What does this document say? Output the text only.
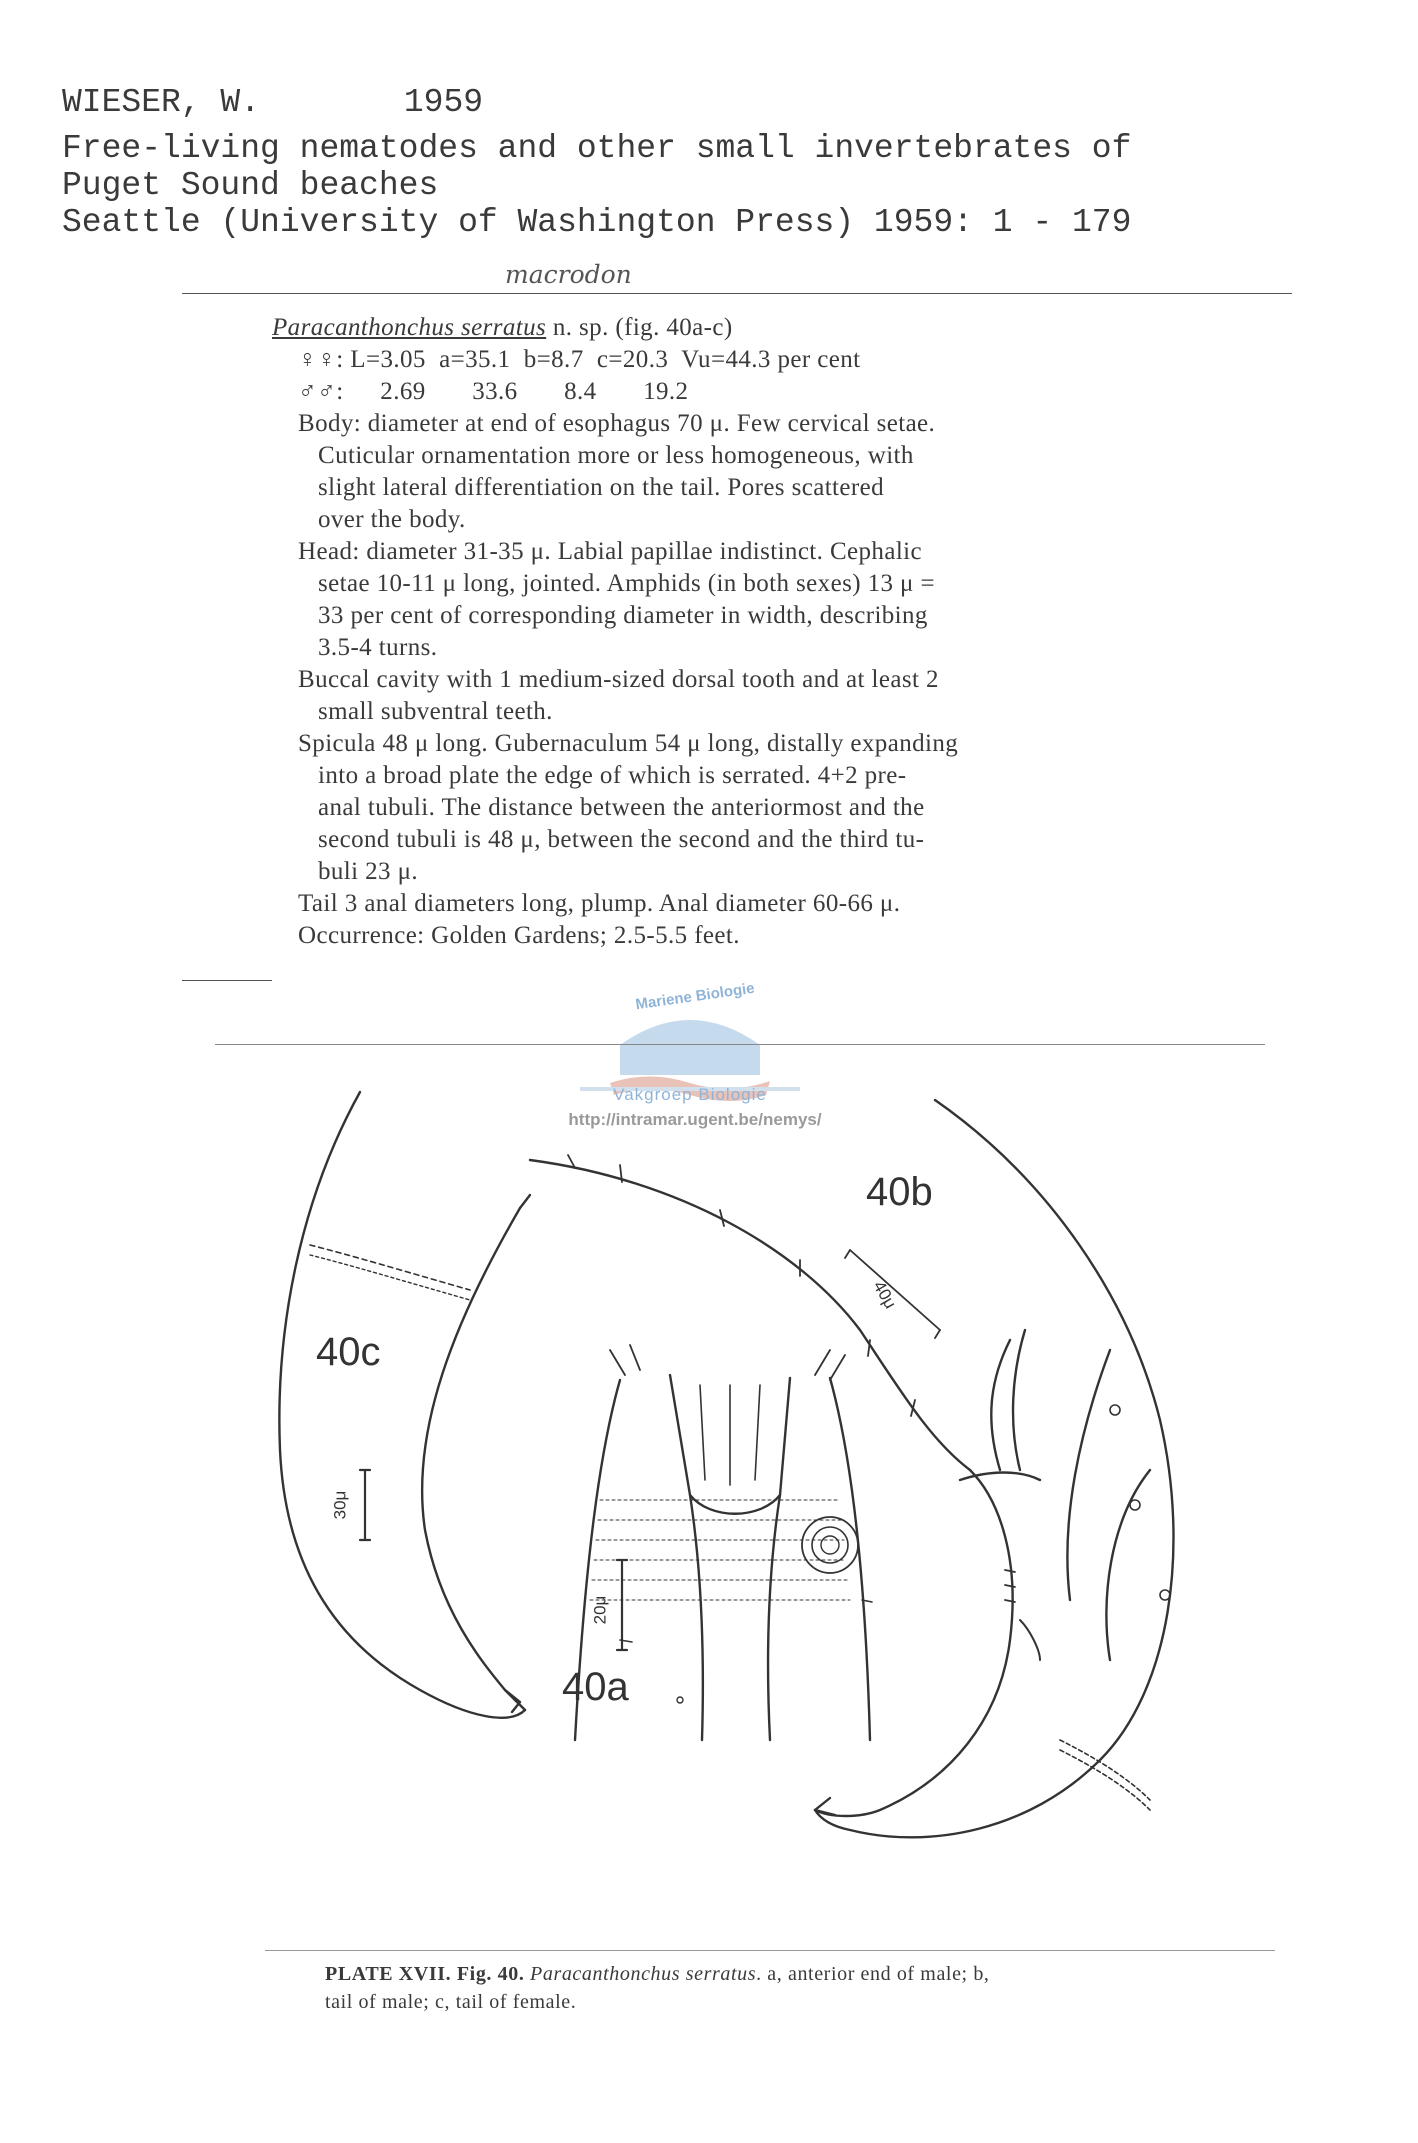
WIESER, W.	1959
Free-living nematodes and other small invertebrates of
Puget Sound beaches
Seattle (University of Washington Press) 1959: 1 - 179
macrodon
Paracanthonchus serratus n. sp. (fig. 40a-c)
♀♀: L=3.05  a=35.1  b=8.7  c=20.3  Vu=44.3 per cent
♂♂: 2.69       33.6       8.4       19.2
Body: diameter at end of esophagus 70 μ. Few cervical setae.
Cuticular ornamentation more or less homogeneous, with
slight lateral differentiation on the tail. Pores scattered
over the body.
Head: diameter 31-35 μ. Labial papillae indistinct. Cephalic
setae 10-11 μ long, jointed. Amphids (in both sexes) 13 μ =
33 per cent of corresponding diameter in width, describing
3.5-4 turns.
Buccal cavity with 1 medium-sized dorsal tooth and at least 2
small subventral teeth.
Spicula 48 μ long. Gubernaculum 54 μ long, distally expanding
into a broad plate the edge of which is serrated. 4+2 pre-
anal tubuli. The distance between the anteriormost and the
second tubuli is 48 μ, between the second and the third tu-
buli 23 μ.
Tail 3 anal diameters long, plump. Anal diameter 60-66 μ.
Occurrence: Golden Gardens; 2.5-5.5 feet.
Mariene Biologie
Vakgroep Biologie
http://intramar.ugent.be/nemys/
40b
40c
40a
40μ
30μ
20μ
PLATE XVII. Fig. 40. Paracanthonchus serratus. a, anterior end of male; b,
tail of male; c, tail of female.
